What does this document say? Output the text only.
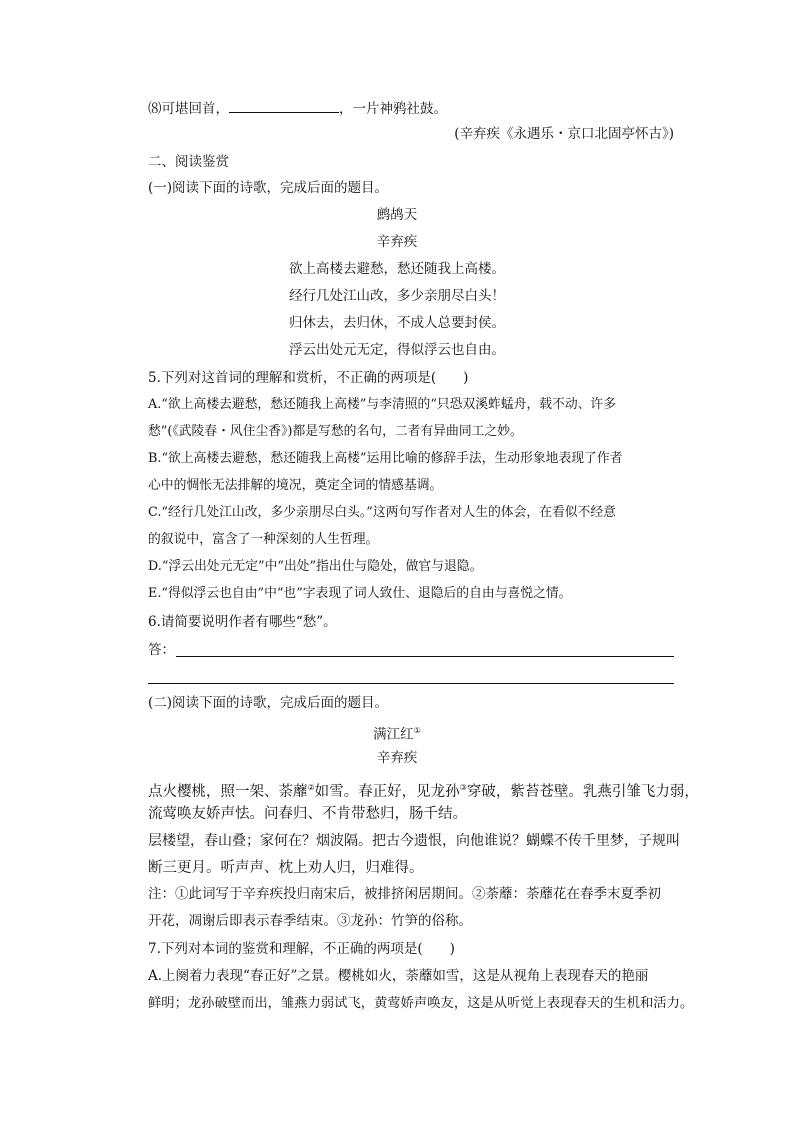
⑻可堪回首，	，一片神鸦社鼓。
(辛弃疾《永遇乐・京口北固亭怀古》)
二、阅读鉴赏
(一)阅读下面的诗歌，完成后面的题目。
鹧鸪天
辛弃疾
欲上高楼去避愁，愁还随我上高楼。
经行几处江山改，多少亲朋尽白头！
归休去，去归休，不成人总要封侯。
浮云出处元无定，得似浮云也自由。
5.下列对这首词的理解和赏析，不正确的两项是(　　)
A.“欲上高楼去避愁，愁还随我上高楼”与李清照的“只恐双溪蚱蜢舟，载不动、许多
愁”(《武陵春・风住尘香》)都是写愁的名句，二者有异曲同工之妙。
B.“欲上高楼去避愁，愁还随我上高楼”运用比喻的修辞手法，生动形象地表现了作者
心中的惆怅无法排解的境况，奠定全词的情感基调。
C.“经行几处江山改，多少亲朋尽白头。”这两句写作者对人生的体会，在看似不经意
的叙说中，富含了一种深刻的人生哲理。
D.“浮云出处元无定”中“出处”指出仕与隐处，做官与退隐。
E.“得似浮云也自由”中“也”字表现了词人致仕、退隐后的自由与喜悦之情。
6.请简要说明作者有哪些“愁”。
答：
(二)阅读下面的诗歌，完成后面的题目。
满江红①
辛弃疾
点火樱桃，照一架、荼蘼②如雪。春正好，见龙孙③穿破，紫苔苍壁。乳燕引雏飞力弱，
流莺唤友娇声怯。问春归、不肯带愁归，肠千结。
层楼望，春山叠；家何在？烟波隔。把古今遗恨，向他谁说？蝴蝶不传千里梦，子规叫
断三更月。听声声、枕上劝人归，归难得。
注：①此词写于辛弃疾投归南宋后，被排挤闲居期间。②荼蘼：荼蘼花在春季末夏季初
开花，凋谢后即表示春季结束。③龙孙：竹笋的俗称。
7.下列对本词的鉴赏和理解，不正确的两项是(　　)
A.上阕着力表现“春正好”之景。樱桃如火，荼蘼如雪，这是从视角上表现春天的艳丽
鲜明；龙孙破壁而出，雏燕力弱试飞，黄莺娇声唤友，这是从听觉上表现春天的生机和活力。
